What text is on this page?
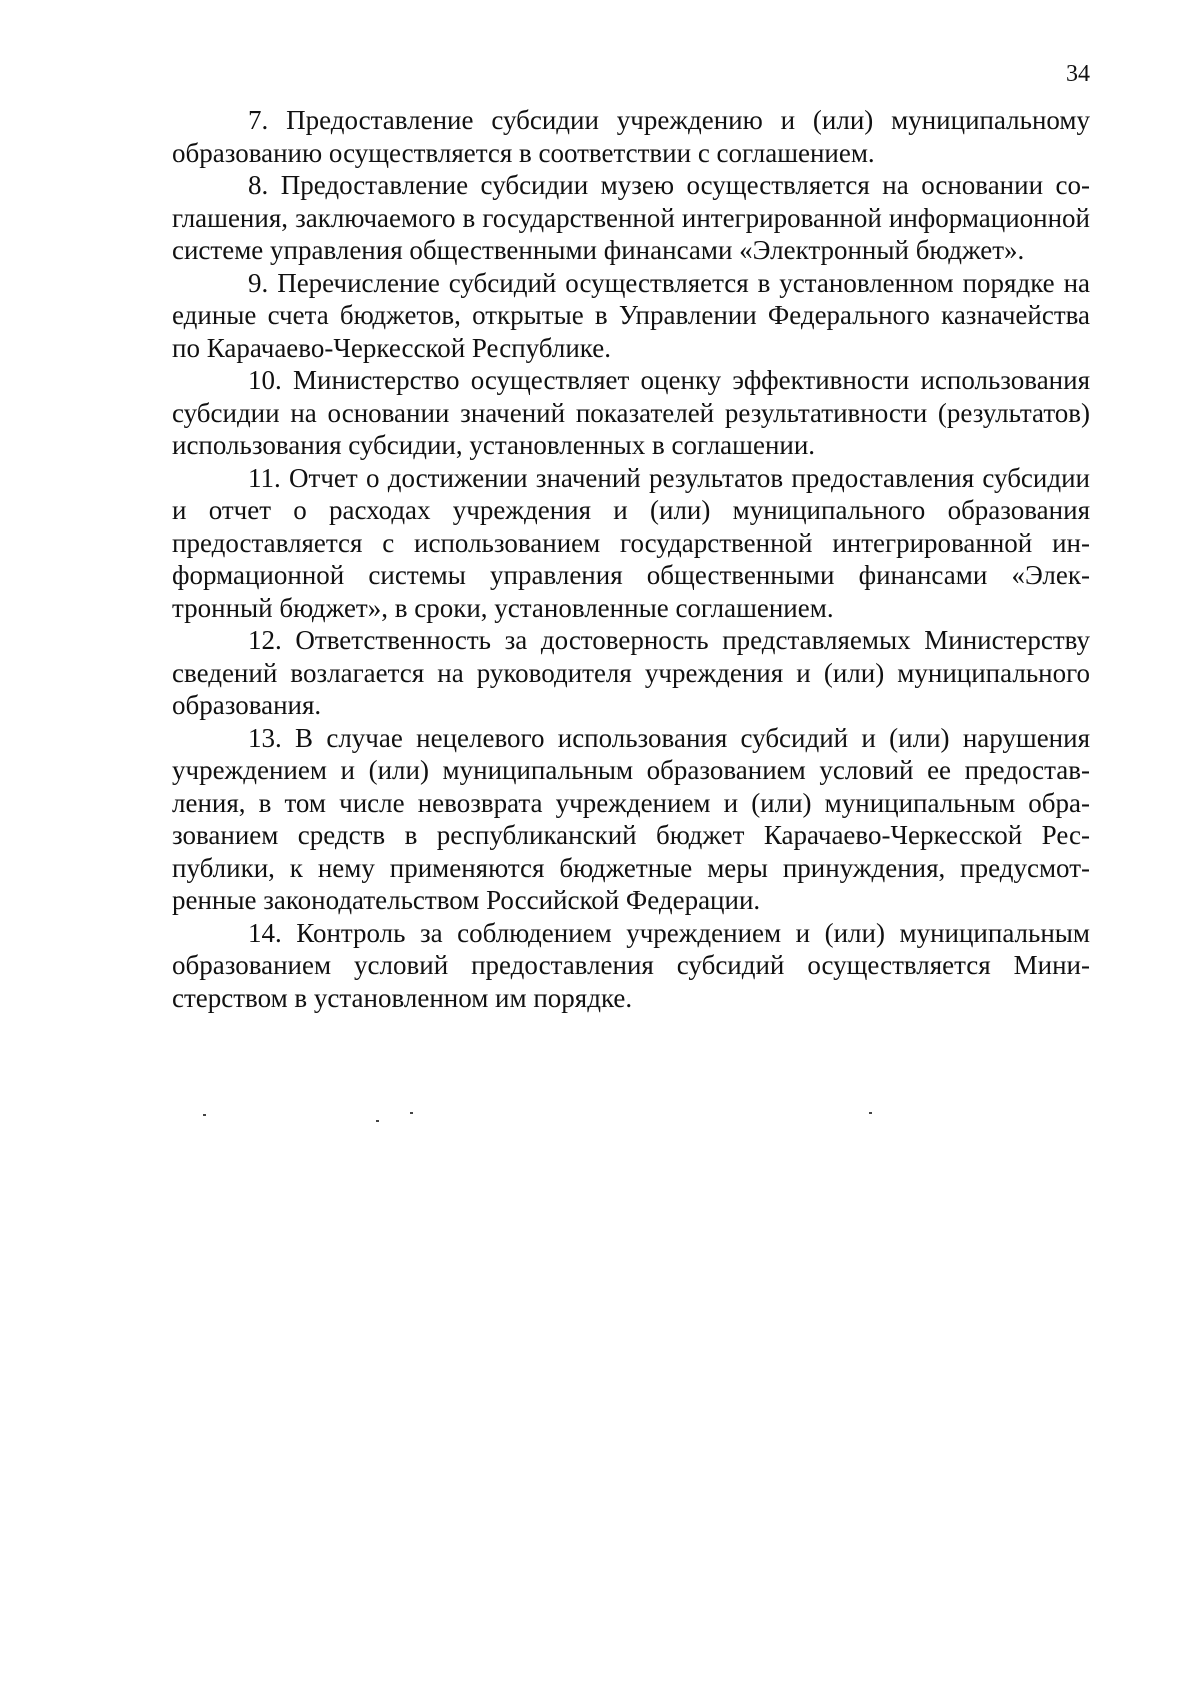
34

7. Предоставление субсидии учреждению и (или) муниципальному образованию осуществляется в соответствии с соглашением.

8. Предоставление субсидии музею осуществляется на основании соглашения, заключаемого в государственной интегрированной информационной системе управления общественными финансами «Электронный бюджет».

9. Перечисление субсидий осуществляется в установленном порядке на единые счета бюджетов, открытые в Управлении Федерального казначейства по Карачаево-Черкесской Республике.

10. Министерство осуществляет оценку эффективности использования субсидии на основании значений показателей результативности (результатов) использования субсидии, установленных в соглашении.

11. Отчет о достижении значений результатов предоставления субсидии и отчет о расходах учреждения и (или) муниципального образования предоставляется с использованием государственной интегрированной информационной системы управления общественными финансами «Электронный бюджет», в сроки, установленные соглашением.

12. Ответственность за достоверность представляемых Министерству сведений возлагается на руководителя учреждения и (или) муниципального образования.

13. В случае нецелевого использования субсидий и (или) нарушения учреждением и (или) муниципальным образованием условий ее предоставления, в том числе невозврата учреждением и (или) муниципальным образованием средств в республиканский бюджет Карачаево-Черкесской Республики, к нему применяются бюджетные меры принуждения, предусмотренные законодательством Российской Федерации.

14. Контроль за соблюдением учреждением и (или) муниципальным образованием условий предоставления субсидий осуществляется Министерством в установленном им порядке.
